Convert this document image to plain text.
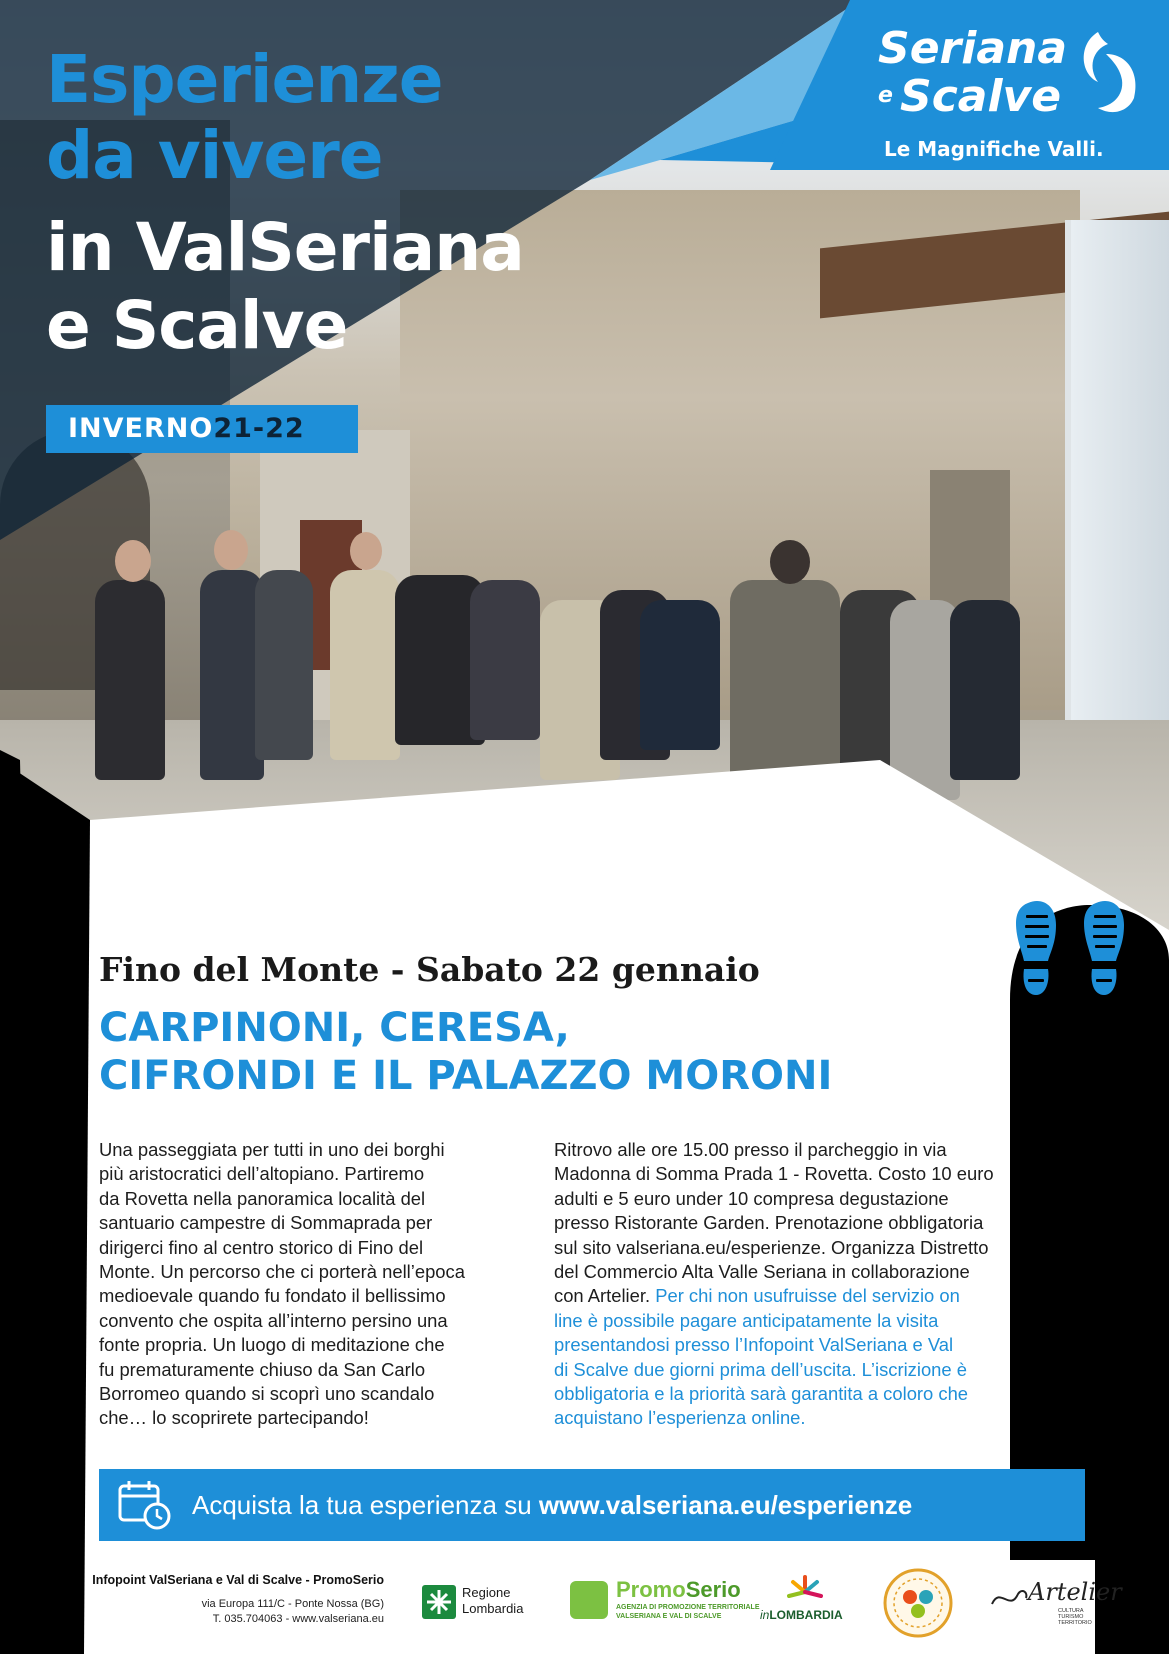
Esperienze
da vivere
in ValSeriana
e Scalve
INVERNO21-22
Seriana
e Scalve
Le Magnifiche Valli.
Fino del Monte - Sabato 22 gennaio
CARPINONI, CERESA,
CIFRONDI E IL PALAZZO MORONI
Una passeggiata per tutti in uno dei borghi
più aristocratici dell’altopiano. Partiremo
da Rovetta nella panoramica località del
santuario campestre di Sommaprada per
dirigerci fino al centro storico di Fino del
Monte. Un percorso che ci porterà nell’epoca
medioevale quando fu fondato il bellissimo
convento che ospita all’interno persino una
fonte propria. Un luogo di meditazione che
fu prematuramente chiuso da San Carlo
Borromeo quando si scoprì uno scandalo
che… lo scoprirete partecipando!
Ritrovo alle ore 15.00 presso il parcheggio in via
Madonna di Somma Prada 1 - Rovetta. Costo 10 euro
adulti e 5 euro under 10 compresa degustazione
presso Ristorante Garden. Prenotazione obbligatoria
sul sito valseriana.eu/esperienze. Organizza Distretto
del Commercio Alta Valle Seriana in collaborazione
con Artelier. Per chi non usufruisse del servizio on
line è possibile pagare anticipatamente la visita
presentandosi presso l’Infopoint ValSeriana e Val
di Scalve due giorni prima dell’uscita. L’iscrizione è
obbligatoria e la priorità sarà garantita a coloro che
acquistano l’esperienza online.
Acquista la tua esperienza su www.valseriana.eu/esperienze
Infopoint ValSeriana e Val di Scalve - PromoSerio
via Europa 111/C - Ponte Nossa (BG)
T. 035.704063 - www.valseriana.eu
Regione
Lombardia
PromoSerio
AGENZIA DI PROMOZIONE TERRITORIALE
VALSERIANA E VAL DI SCALVE	inLOMBARDIA
Artelier
CULTURA
TURISMO
TERRITORIO
